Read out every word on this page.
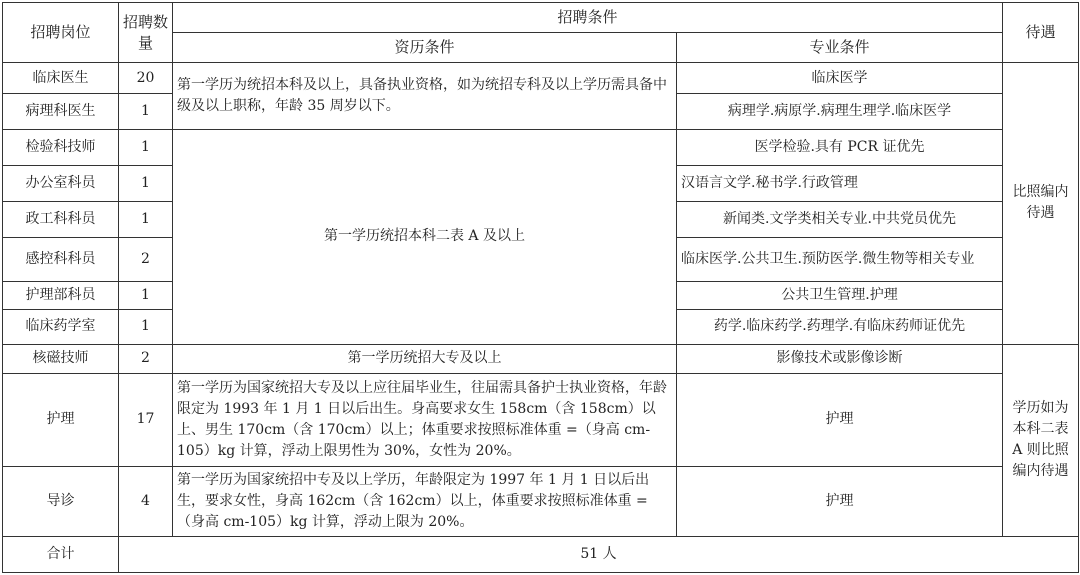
招聘岗位	招聘数量	招聘条件		待遇
		资历条件	专业条件	
临床医生	20	第一学历为统招本科及以上，具备执业资格，如为统招专科及以上学历需具备中级及以上职称，年龄 35 周岁以下。	临床医学	比照编内待遇
病理科医生	1		病理学.病原学.病理生理学.临床医学	
检验科技师	1	第一学历统招本科二表 A 及以上	医学检验.具有 PCR 证优先	
办公室科员	1		汉语言文学.秘书学.行政管理	
政工科科员	1		新闻类.文学类相关专业.中共党员优先	
感控科科员	2		临床医学.公共卫生.预防医学.微生物等相关专业	
护理部科员	1		公共卫生管理.护理	
临床药学室	1		药学.临床药学.药理学.有临床药师证优先	
核磁技师	2	第一学历统招大专及以上	影像技术或影像诊断	学历如为本科二表 A 则比照编内待遇
护理	17	第一学历为国家统招大专及以上应往届毕业生，往届需具备护士执业资格，年龄限定为 1993 年 1 月 1 日以后出生。身高要求女生 158cm（含 158cm）以上、男生 170cm（含 170cm）以上；体重要求按照标准体重 =（身高 cm-105）kg 计算，浮动上限男性为 30%，女性为 20%。	护理	
导诊	4	第一学历为国家统招中专及以上学历，年龄限定为 1997 年 1 月 1 日以后出生，要求女性，身高 162cm（含 162cm）以上，体重要求按照标准体重 =（身高 cm-105）kg 计算，浮动上限为 20%。	护理	
合计	51 人			
